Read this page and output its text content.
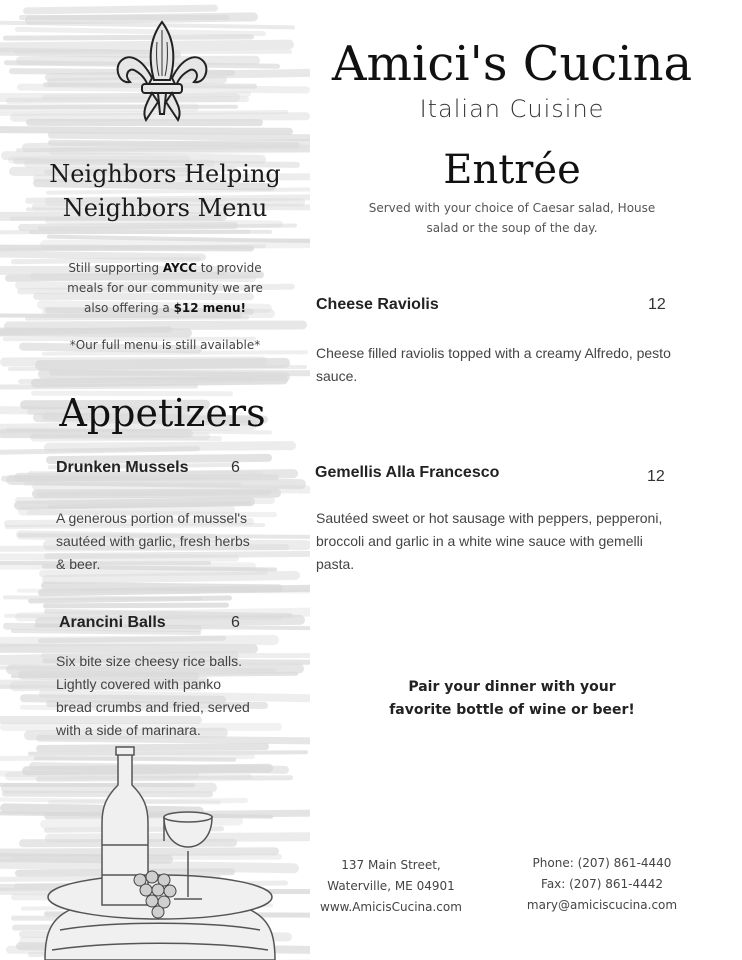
Amici's Cucina
Italian Cuisine
Neighbors Helping
Neighbors Menu
Still supporting AYCC to provide
meals for our community we are
also offering a $12 menu!
*Our full menu is still available*
Appetizers
Drunken Mussels	6
A generous portion of mussel's
sautéed with garlic, fresh herbs
& beer.
Arancini Balls	6
Six bite size cheesy rice balls.
Lightly covered with panko
bread crumbs and fried, served
with a side of marinara.
Entrée
Served with your choice of Caesar salad, House
salad or the soup of the day.
Cheese Raviolis	12
Cheese filled raviolis topped with a creamy Alfredo, pesto
sauce.
Gemellis Alla Francesco	12
Sautéed sweet or hot sausage with peppers, pepperoni,
broccoli and garlic in a white wine sauce with gemelli
pasta.
Pair your dinner with your
favorite bottle of wine or beer!
137 Main Street,
Waterville, ME 04901
www.AmicisCucina.com
Phone: (207) 861-4440
Fax: (207) 861-4442
mary@amiciscucina.com
